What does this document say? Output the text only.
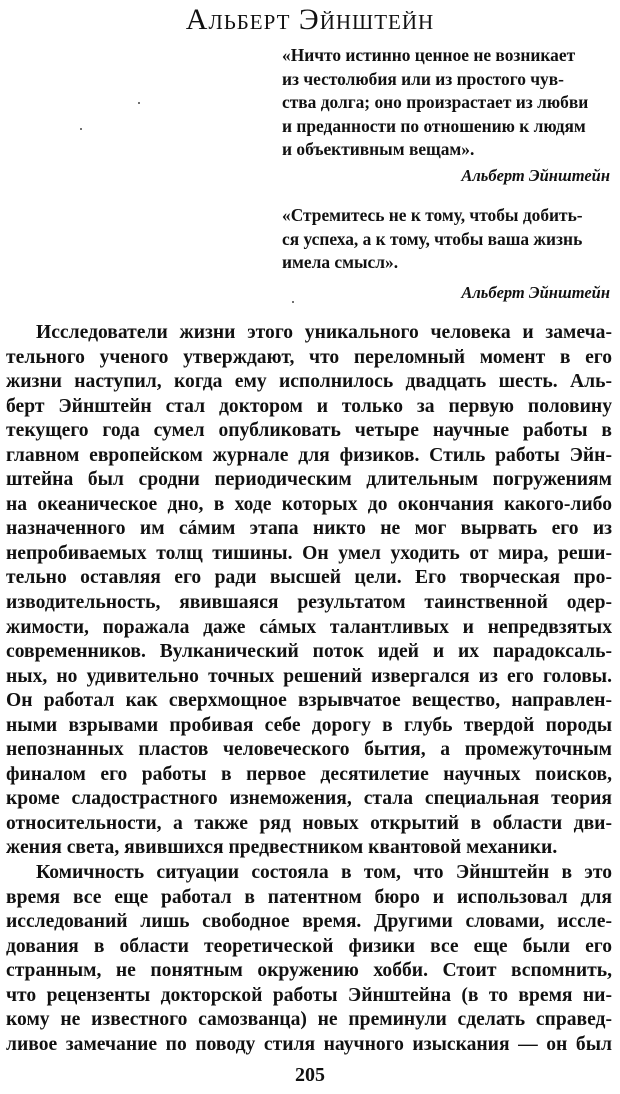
Альберт Эйнштейн
«Ничто истинно ценное не возникает
из честолюбия или из простого чув-
ства долга; оно произрастает из любви
и преданности по отношению к людям
и объективным вещам».
Альберт Эйнштейн
«Стремитесь не к тому, чтобы добить-
ся успеха, а к тому, чтобы ваша жизнь
имела смысл».
Альберт Эйнштейн
Исследователи жизни этого уникального человека и замеча-
тельного ученого утверждают, что переломный момент в его
жизни наступил, когда ему исполнилось двадцать шесть. Аль-
берт Эйнштейн стал доктором и только за первую половину
текущего года сумел опубликовать четыре научные работы в
главном европейском журнале для физиков. Стиль работы Эйн-
штейна был сродни периодическим длительным погружениям
на океаническое дно, в ходе которых до окончания какого-либо
назначенного им сáмим этапа никто не мог вырвать его из
непробиваемых толщ тишины. Он умел уходить от мира, реши-
тельно оставляя его ради высшей цели. Его творческая про-
изводительность, явившаяся результатом таинственной одер-
жимости, поражала даже сáмых талантливых и непредвзятых
современников. Вулканический поток идей и их парадоксаль-
ных, но удивительно точных решений извергался из его головы.
Он работал как сверхмощное взрывчатое вещество, направлен-
ными взрывами пробивая себе дорогу в глубь твердой породы
непознанных пластов человеческого бытия, а промежуточным
финалом его работы в первое десятилетие научных поисков,
кроме сладострастного изнеможения, стала специальная теория
относительности, а также ряд новых открытий в области дви-
жения света, явившихся предвестником квантовой механики.
Комичность ситуации состояла в том, что Эйнштейн в это
время все еще работал в патентном бюро и использовал для
исследований лишь свободное время. Другими словами, иссле-
дования в области теоретической физики все еще были его
странным, не понятным окружению хобби. Стоит вспомнить,
что рецензенты докторской работы Эйнштейна (в то время ни-
кому не известного самозванца) не преминули сделать справед-
ливое замечание по поводу стиля научного изыскания — он был
205
